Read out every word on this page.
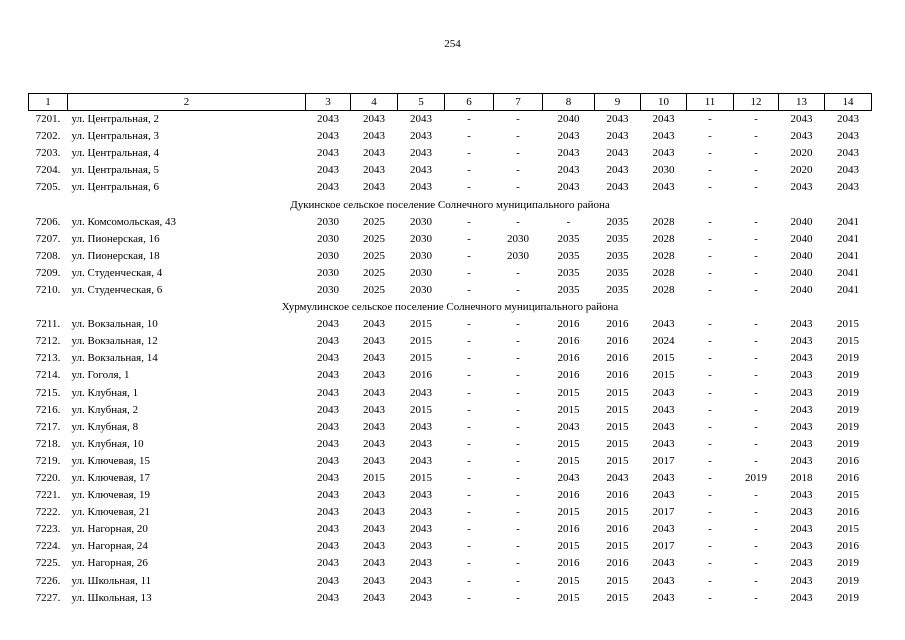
254
1	2	3	4	5	6	7	8	9	10	11	12	13	14
7201.	ул. Центральная, 2	2043	2043	2043	-	-	2040	2043	2043	-	-	2043	2043
7202.	ул. Центральная, 3	2043	2043	2043	-	-	2043	2043	2043	-	-	2043	2043
7203.	ул. Центральная, 4	2043	2043	2043	-	-	2043	2043	2043	-	-	2020	2043
7204.	ул. Центральная, 5	2043	2043	2043	-	-	2043	2043	2030	-	-	2020	2043
7205.	ул. Центральная, 6	2043	2043	2043	-	-	2043	2043	2043	-	-	2043	2043
Дукинское сельское поселение Солнечного муниципального района													
7206.	ул. Комсомольская, 43	2030	2025	2030	-	-	-	2035	2028	-	-	2040	2041
7207.	ул. Пионерская, 16	2030	2025	2030	-	2030	2035	2035	2028	-	-	2040	2041
7208.	ул. Пионерская, 18	2030	2025	2030	-	2030	2035	2035	2028	-	-	2040	2041
7209.	ул. Студенческая, 4	2030	2025	2030	-	-	2035	2035	2028	-	-	2040	2041
7210.	ул. Студенческая, 6	2030	2025	2030	-	-	2035	2035	2028	-	-	2040	2041
Хурмулинское сельское поселение Солнечного муниципального района													
7211.	ул. Вокзальная, 10	2043	2043	2015	-	-	2016	2016	2043	-	-	2043	2015
7212.	ул. Вокзальная, 12	2043	2043	2015	-	-	2016	2016	2024	-	-	2043	2015
7213.	ул. Вокзальная, 14	2043	2043	2015	-	-	2016	2016	2015	-	-	2043	2019
7214.	ул. Гоголя, 1	2043	2043	2016	-	-	2016	2016	2015	-	-	2043	2019
7215.	ул. Клубная, 1	2043	2043	2043	-	-	2015	2015	2043	-	-	2043	2019
7216.	ул. Клубная, 2	2043	2043	2015	-	-	2015	2015	2043	-	-	2043	2019
7217.	ул. Клубная, 8	2043	2043	2043	-	-	2043	2015	2043	-	-	2043	2019
7218.	ул. Клубная, 10	2043	2043	2043	-	-	2015	2015	2043	-	-	2043	2019
7219.	ул. Ключевая, 15	2043	2043	2043	-	-	2015	2015	2017	-	-	2043	2016
7220.	ул. Ключевая, 17	2043	2015	2015	-	-	2043	2043	2043	-	2019	2018	2016
7221.	ул. Ключевая, 19	2043	2043	2043	-	-	2016	2016	2043	-	-	2043	2015
7222.	ул. Ключевая, 21	2043	2043	2043	-	-	2015	2015	2017	-	-	2043	2016
7223.	ул. Нагорная, 20	2043	2043	2043	-	-	2016	2016	2043	-	-	2043	2015
7224.	ул. Нагорная, 24	2043	2043	2043	-	-	2015	2015	2017	-	-	2043	2016
7225.	ул. Нагорная, 26	2043	2043	2043	-	-	2016	2016	2043	-	-	2043	2019
7226.	ул. Школьная, 11	2043	2043	2043	-	-	2015	2015	2043	-	-	2043	2019
7227.	ул. Школьная, 13	2043	2043	2043	-	-	2015	2015	2043	-	-	2043	2019
